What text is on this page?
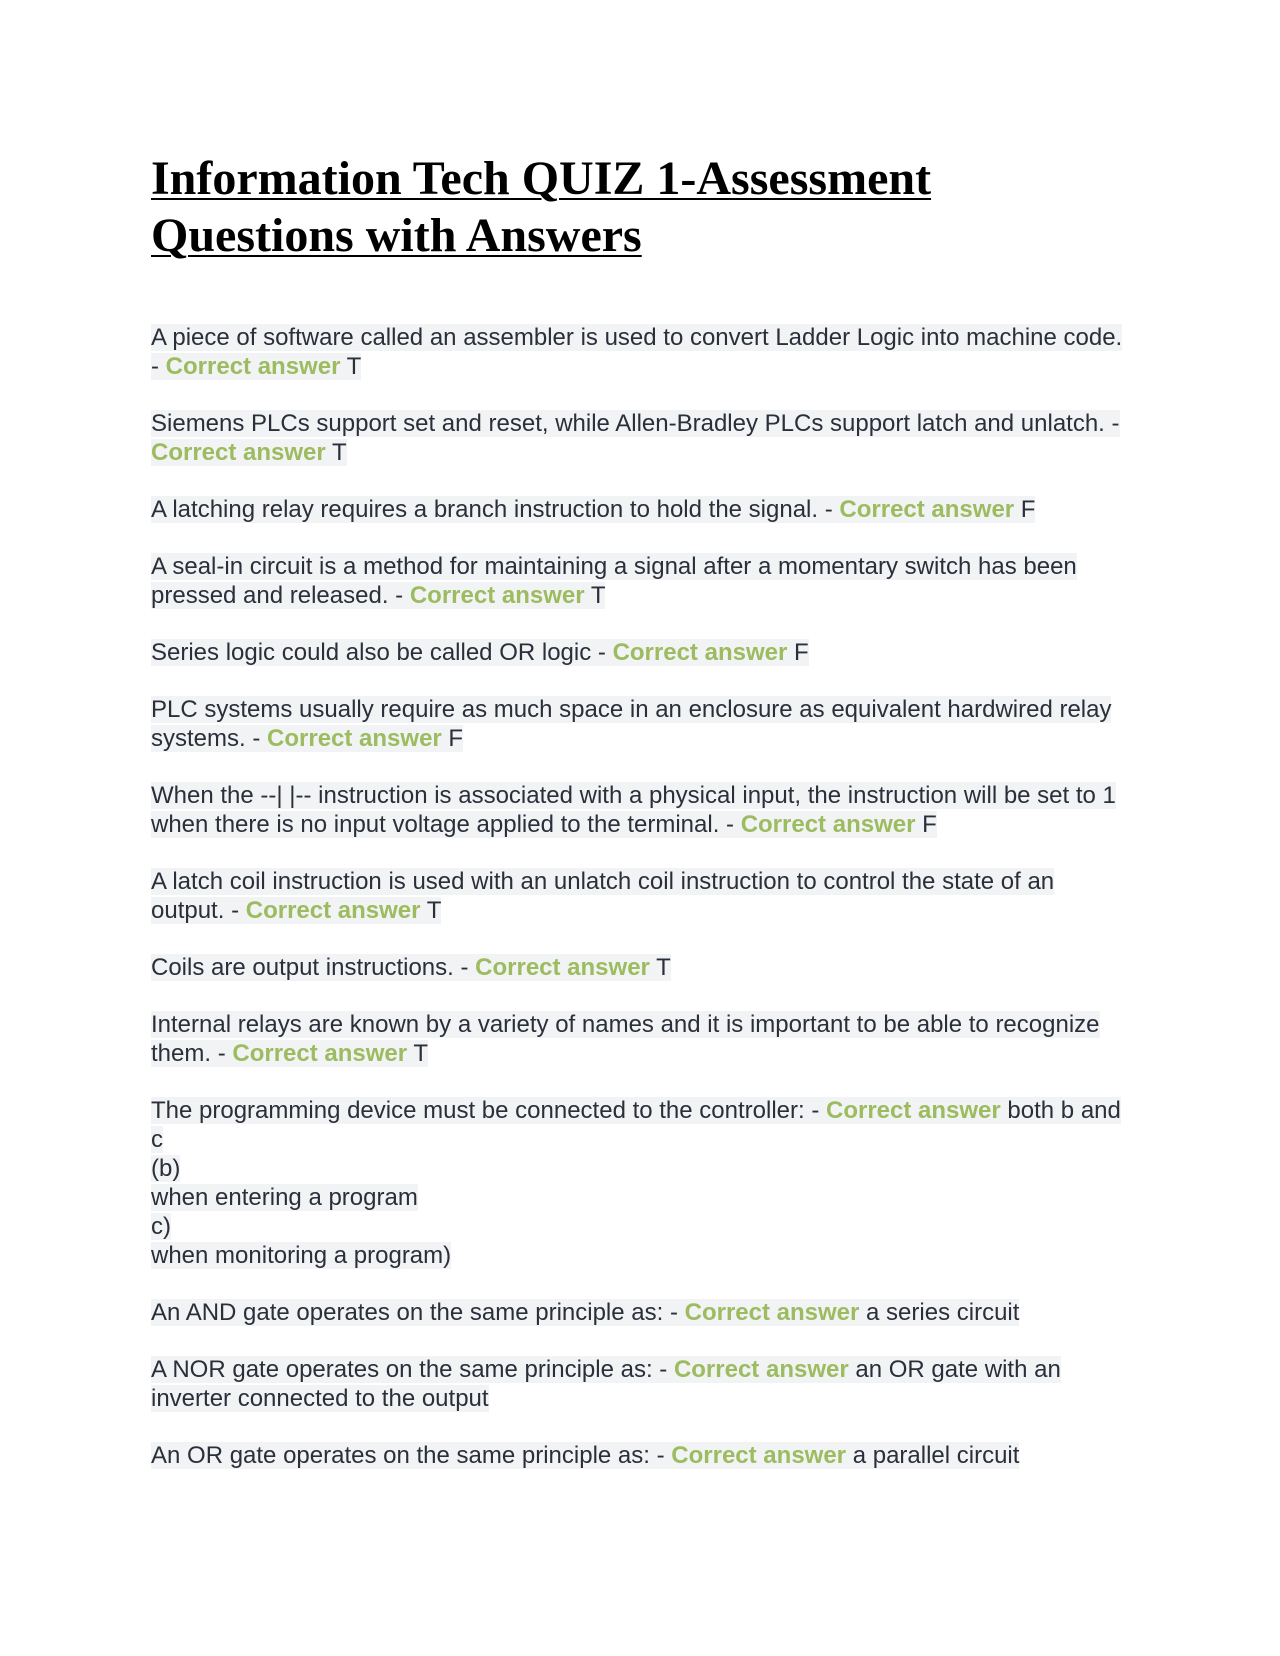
Information Tech QUIZ 1-Assessment
Questions with Answers

A piece of software called an assembler is used to convert Ladder Logic into machine code. - Correct answer T

Siemens PLCs support set and reset, while Allen-Bradley PLCs support latch and unlatch. - Correct answer T

A latching relay requires a branch instruction to hold the signal. - Correct answer F

A seal-in circuit is a method for maintaining a signal after a momentary switch has been pressed and released. - Correct answer T

Series logic could also be called OR logic - Correct answer F

PLC systems usually require as much space in an enclosure as equivalent hardwired relay systems. - Correct answer F

When the --| |-- instruction is associated with a physical input, the instruction will be set to 1 when there is no input voltage applied to the terminal. - Correct answer F

A latch coil instruction is used with an unlatch coil instruction to control the state of an output. - Correct answer T

Coils are output instructions. - Correct answer T

Internal relays are known by a variety of names and it is important to be able to recognize them. - Correct answer T

The programming device must be connected to the controller: - Correct answer both b and c
(b)
when entering a program
c)
when monitoring a program)

An AND gate operates on the same principle as: - Correct answer a series circuit

A NOR gate operates on the same principle as: - Correct answer an OR gate with an inverter connected to the output

An OR gate operates on the same principle as: - Correct answer a parallel circuit
